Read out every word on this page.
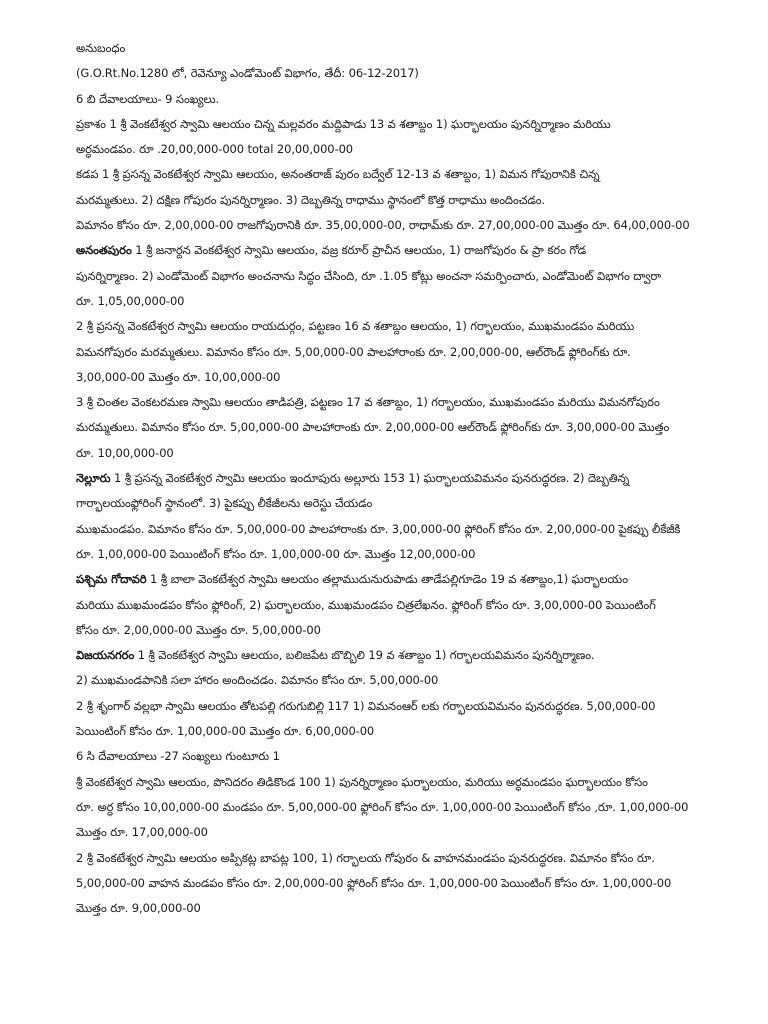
అనుబంధం
(G.O.Rt.No.1280 లో, రెవెన్యూ ఎండోమెంట్ విభాగం, తేదీ: 06-12-2017)
6 బి దేవాలయాలు- 9 సంఖ్యలు.
ప్రకాశం 1 శ్రీ వెంకటేశ్వర స్వామి ఆలయం చిన్న మల్లవరం మద్దిపాడు 13 వ శతాబ్దం 1) ఘర్భాలయం పునర్నిర్మాణం మరియు
అర్ధమండపం. రూ .20,00,000-000 total 20,00,000-00
కడప 1 శ్రీ ప్రసన్న వెంకటేశ్వర స్వామి ఆలయం, అనంతరాజ్ పురం బద్వేల్ 12-13 వ శతాబ్దం, 1) విమన గోపురానికి చిన్న
మరమ్మతులు. 2) దక్షిణ గోపురం పునర్నిర్మాణం. 3) దెబ్బతిన్న రాధాము స్థానంలో కొత్త రాధాము అందించడం.
విమానం కోసం రూ. 2,00,000-00 రాజగోపురానికి రూ. 35,00,000-00, రాధామ్‌కు రూ. 27,00,000-00 మొత్తం రూ. 64,00,000-00
అనంతపురం 1 శ్రీ జనార్దన వెంకటేశ్వర స్వామి ఆలయం, వజ్ర కరూర్ ప్రాచీన ఆలయం, 1) రాజగోపురం & ప్రా కరం గోడ
పునర్నిర్మాణం. 2) ఎండోమెంట్ విభాగం అంచనాను సిద్ధం చేసింది, రూ .1.05 కోట్లు అంచనా సమర్పించారు, ఎండోమెంట్ విభాగం ద్వారా
రూ. 1,05,00,000-00
2 శ్రీ ప్రసన్న వెంకటేశ్వర స్వామి ఆలయం రాయదుర్గం, పట్టణం 16 వ శతాబ్దం ఆలయం, 1) గర్భాలయం, ముఖమండపం మరియు
విమనగోపురం మరమ్మతులు. విమానం కోసం రూ. 5,00,000-00 పాలహారాంకు రూ. 2,00,000-00, ఆల్‌రౌండ్ ఫ్లోరింగ్‌కు రూ.
3,00,000-00 మొత్తం రూ. 10,00,000-00
3 శ్రీ చింతల వెంకటరమణ స్వామి ఆలయం తాడిపత్రి, పట్టణం 17 వ శతాబ్దం, 1) గర్భాలయం, ముఖమండపం మరియు విమనగోపురం
మరమ్మతులు. విమానం కోసం రూ. 5,00,000-00 పాలహారాంకు రూ. 2,00,000-00 ఆల్‌రౌండ్ ఫ్లోరింగ్‌కు రూ. 3,00,000-00 మొత్తం
రూ. 10,00,000-00
నెల్లూరు 1 శ్రీ ప్రసన్న వెంకటేశ్వర స్వామి ఆలయం ఇందూపురు అల్లూరు 153 1) ఘర్భాలయవిమనం పునరుద్ధరణ. 2) దెబ్బతిన్న
గార్భాలయంఫ్లోరింగ్ స్థానంలో. 3) పైకప్పు లీకేజీలను అరెస్టు చేయడం
ముఖమండపం. విమానం కోసం రూ. 5,00,000-00 పాలహారాంకు రూ. 3,00,000-00 ఫ్లోరింగ్ కోసం రూ. 2,00,000-00 పైకప్పు లీకేజీకి
రూ. 1,00,000-00 పెయింటింగ్ కోసం రూ. 1,00,000-00 రూ. మొత్తం 12,00,000-00
పశ్చిమ గోదావరి 1 శ్రీ బాలా వెంకటేశ్వర స్వామి ఆలయం తల్లాముదునురుపాడు తాడేపల్లిగూడెం 19 వ శతాబ్దం,1) ఘర్భాలయం
మరియు ముఖమండపం కోసం ఫ్లోరింగ్, 2) ఘర్భాలయం, ముఖమండపం చిత్రలేఖనం. ఫ్లోరింగ్ కోసం రూ. 3,00,000-00 పెయింటింగ్
కోసం రూ. 2,00,000-00 మొత్తం రూ. 5,00,000-00
విజయనగరం 1 శ్రీ వెంకటేశ్వర స్వామి ఆలయం, బలిజపేట బొబ్బిలి 19 వ శతాబ్దం 1) గర్భాలయవిమనం పునర్నిర్మాణం.
2) ముఖమండపానికి సలా హారం అందించడం. విమానం కోసం రూ. 5,00,000-00
2 శ్రీ శృంగార్ వల్లభా స్వామి ఆలయం తోటపల్లి గరుగుబిల్లి 117 1) విమనంఆర్ లకు గర్భాలయవిమనం పునరుద్ధరణ. 5,00,000-00
పెయింటింగ్ కోసం రూ. 1,00,000-00 మొత్తం రూ. 6,00,000-00
6 సి దేవాలయాలు -27 సంఖ్యలు గుంటూరు 1
శ్రీ వెంకటేశ్వర స్వామి ఆలయం, పొనిదరం తిడికొండ 100 1) పునర్నిర్మాణం ఘర్భాలయం, మరియు అర్ధమండపం ఘర్భాలయం కోసం
రూ. అర్ధ కోసం 10,00,000-00 మండపం రూ. 5,00,000-00 ఫ్లోరింగ్ కోసం రూ. 1,00,000-00 పెయింటింగ్ కోసం ,రూ. 1,00,000-00
మొత్తం రూ. 17,00,000-00
2 శ్రీ వెంకటేశ్వర స్వామి ఆలయం అప్పికట్ల బాపట్ల 100, 1) గర్భాలయ గోపురం & వాహనమండపం పునరుద్ధరణ. విమానం కోసం రూ.
5,00,000-00 వాహన మండపం కోసం రూ. 2,00,000-00 ఫ్లోరింగ్ కోసం రూ. 1,00,000-00 పెయింటింగ్ కోసం రూ. 1,00,000-00
మొత్తం రూ. 9,00,000-00
